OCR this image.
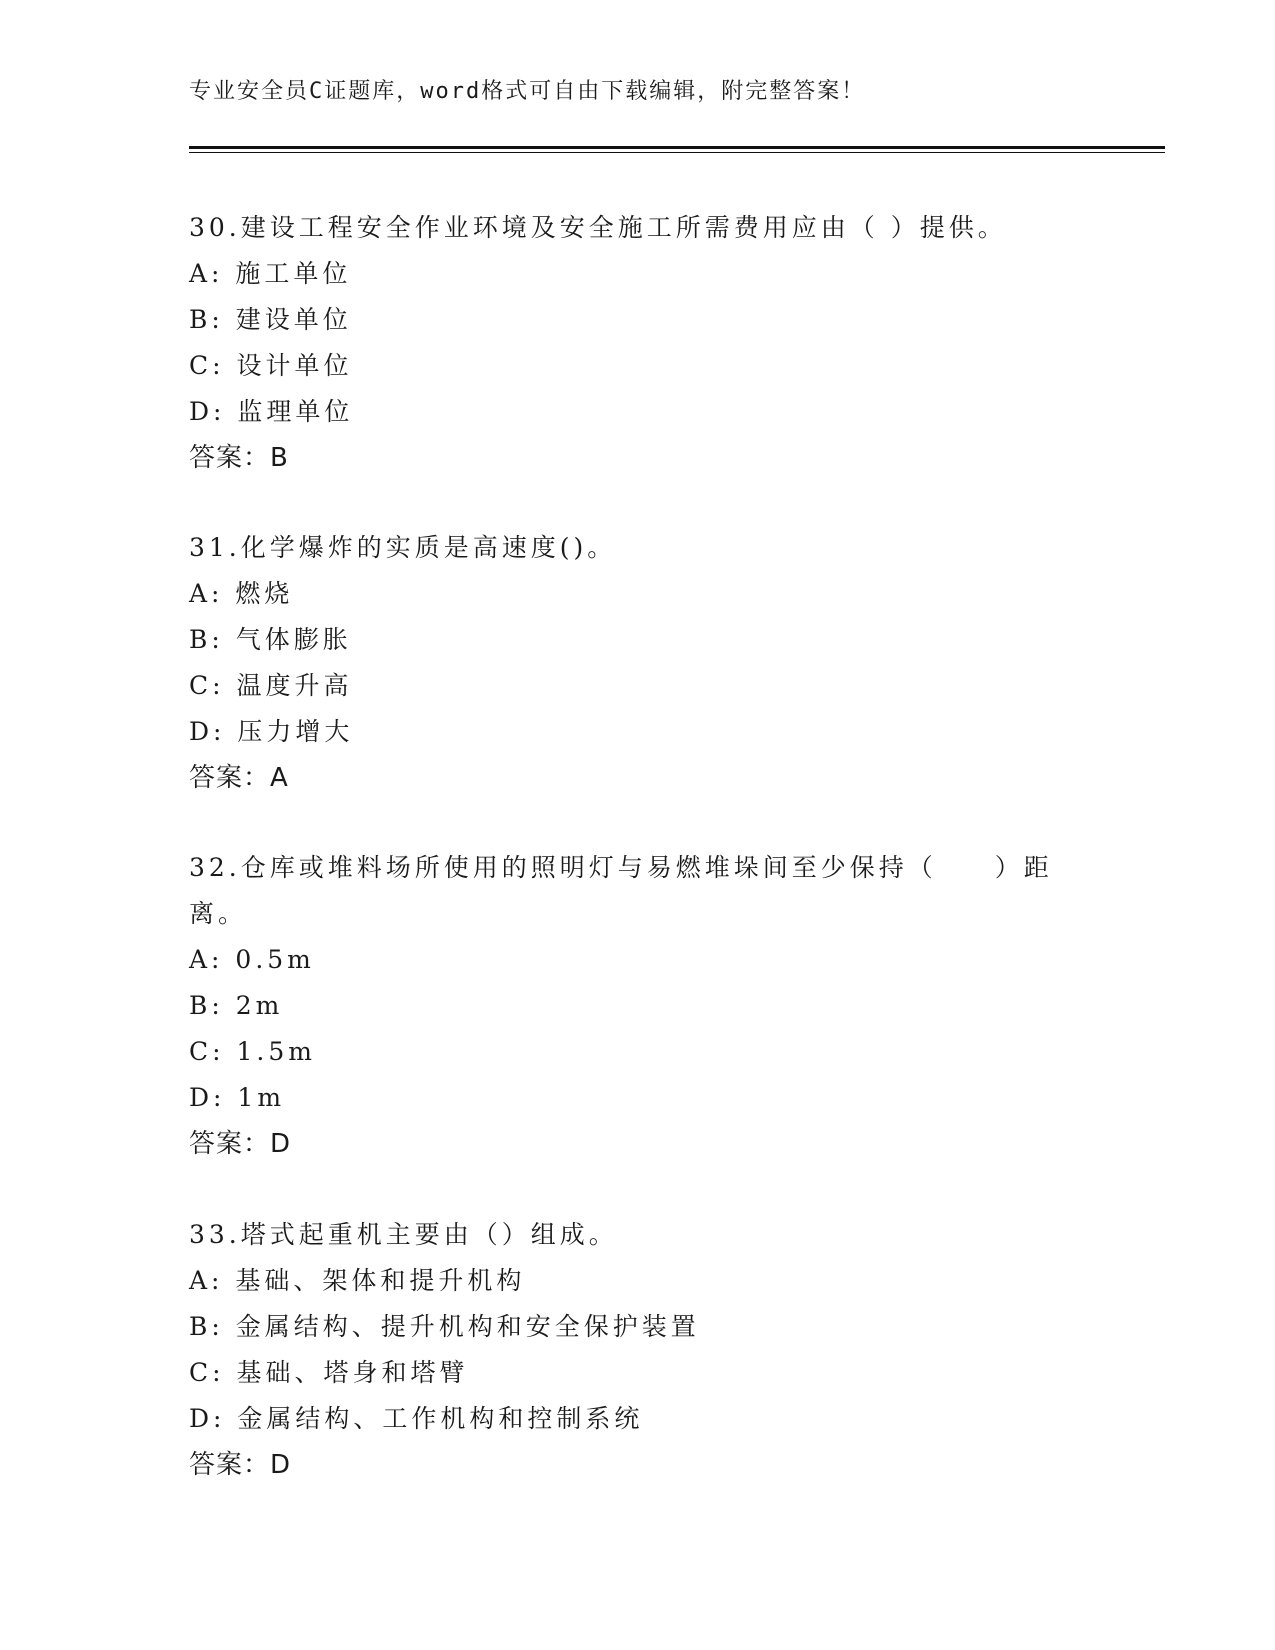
专业安全员C证题库，word格式可自由下载编辑，附完整答案！
30.建设工程安全作业环境及安全施工所需费用应由（ ）提供。
A: 施工单位
B: 建设单位
C: 设计单位
D: 监理单位
答案：B
31.化学爆炸的实质是高速度()。
A: 燃烧
B: 气体膨胀
C: 温度升高
D: 压力增大
答案：A
32.仓库或堆料场所使用的照明灯与易燃堆垛间至少保持（　　）距离。
A: 0.5m
B: 2m
C: 1.5m
D: 1m
答案：D
33.塔式起重机主要由（）组成。
A: 基础、架体和提升机构
B: 金属结构、提升机构和安全保护装置
C: 基础、塔身和塔臂
D: 金属结构、工作机构和控制系统
答案：D
